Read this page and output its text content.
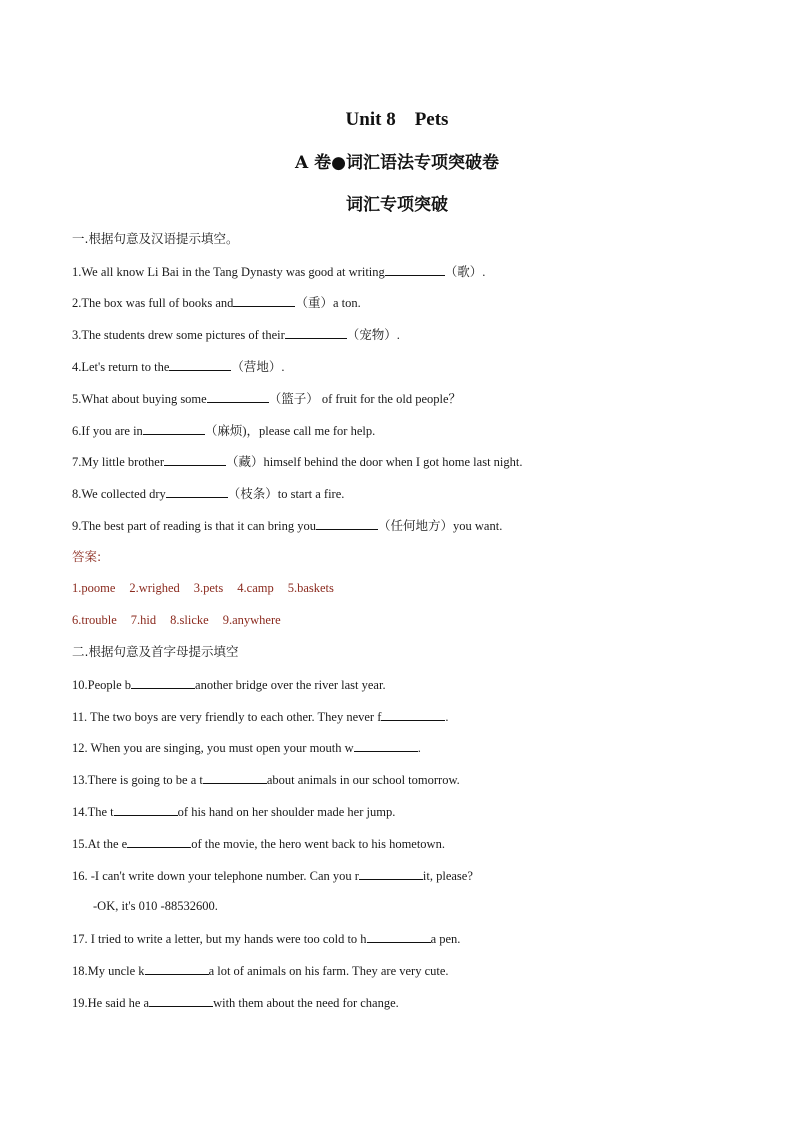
Unit 8　Pets
A 卷●词汇语法专项突破卷
词汇专项突破
一.根据句意及汉语提示填空。
1.We all know Li Bai in the Tang Dynasty was good at writing	（歌）.
2.The box was full of books and	（重）a ton.
3.The students drew some pictures of their	（宠物）.
4.Let's return to the	（营地）.
5.What about buying some	（篮子） of fruit for the old people？
6.If you are in	（麻烦)，please call me for help.
7.My little brother	（藏）himself behind the door when I got home last night.
8.We collected dry	（枝条）to start a fire.
9.The best part of reading is that it can bring you	（任何地方）you want.
答案:
1.poome 2.wrighed 3.pets 4.camp 5.baskets
6.trouble 7.hid 8.slicke 9.anywhere
二.根据句意及首字母提示填空
10.People b	another bridge over the river last year.
11. The two boys are very friendly to each other. They never f	.
12. When you are singing, you must open your mouth w	.
13.There is going to be a t	about animals in our school tomorrow.
14.The t	of his hand on her shoulder made her jump.
15.At the e	of the movie, the hero went back to his hometown.
16. -I can't write down your telephone number. Can you r	it, please?
-OK, it's 010 -88532600.
17. I tried to write a letter, but my hands were too cold to h	a pen.
18.My uncle k	a lot of animals on his farm. They are very cute.
19.He said he a	with them about the need for change.
